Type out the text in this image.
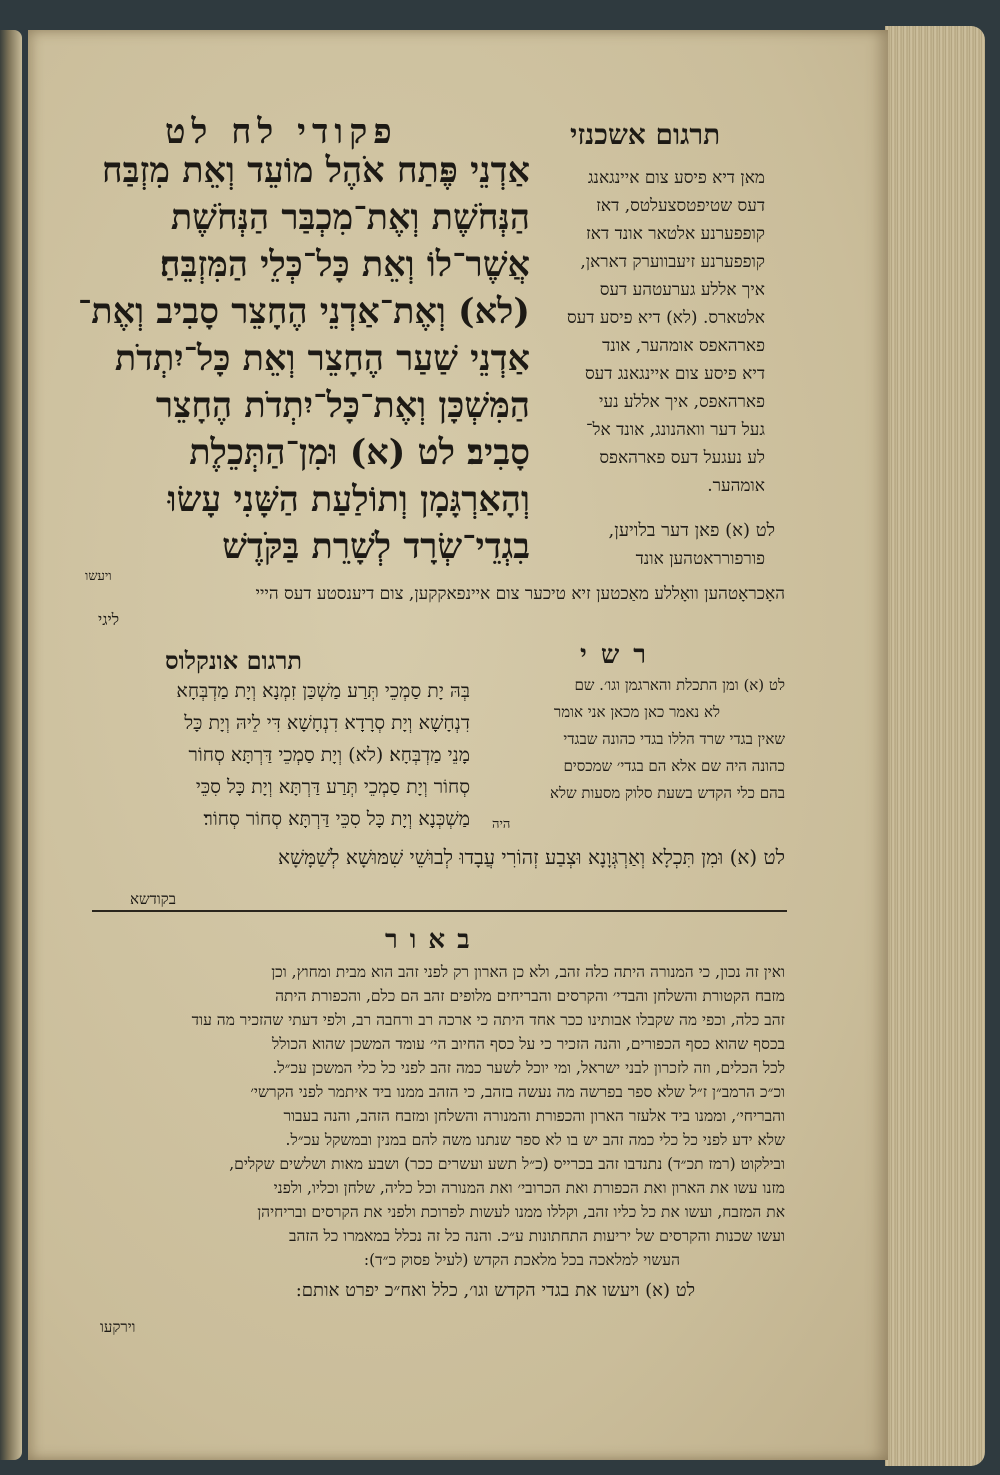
פקודי לח לט	תרגום אשכנזי
אַדְנֵי פֶּתַח אֹהֶל מוֹעֵד וְאֵת מִזְבַּח
הַנְּחֹשֶׁת וְאֶת־מִכְבַּר הַנְּחֹשֶׁת
אֲשֶׁר־לוֹ וְאֵת כָּל־כְּלֵי הַמִּזְבֵּחַ׃
(לא) וְאֶת־אַדְנֵי הֶחָצֵר סָבִיב וְאֶת־
אַדְנֵי שַׁעַר הֶחָצֵר וְאֵת כָּל־יִתְדֹת
הַמִּשְׁכָּן וְאֶת־כָּל־יִתְדֹת הֶחָצֵר
סָבִיב׃ לט (א) וּמִן־הַתְּכֵלֶת
וְהָאַרְגָּמָן וְתוֹלַעַת הַשָּׁנִי עָשׂוּ
בִגְדֵי־שְׂרָד לְשָׁרֵת בַּקֹּדֶשׁ
ויעשו
מאן דיא פיסע צום איינגאנג
דעס שטיפטסצעלטס, דאז
קופפערנע אלטאר אונד דאז
קופפערנע זיעבווערק דאראן,
איך אללע גערעטהע דעס
אלטארס. (לא) דיא פיסע דעס
פארהאפס אומהער, אונד
דיא פיסע צום איינגאנג דעס
פארהאפס, איך אללע נעי
געל דער וואהנונג, אונד אל־
לע נעגעל דעס פארהאפס
אומהער.
לט (א) פאן דער בלויען,
פורפורראטהען אונד
האָכראָטהען וואָללע מאַכטען זיא טיכער צום איינפאקקען, צום דיענסטע דעס הייי
ליגי
רשי
לט (א) ומן התכלת והארגמן וגו׳. שם
לא נאמר כאן מכאן אני אומר
שאין בגדי שרד הללו בגדי כהונה שבגדי
כהונה היה שם אלא הם בגדי׳ שמכסים
בהם כלי הקדש בשעת סלוק מסעות שלא
היה
תרגום אונקלוס
בְּהּ יָת סַמְכֵי תְּרַע מַשְׁכַּן זִמְנָא וְיָת מַדְבְּחָא
דִנְחָשָׁא וְיָת סְרָדָא דִנְחָשָׁא דִּי לֵיהּ וְיָת כָּל
מָנֵי מַדְבְּחָא׃ (לא) וְיָת סַמְכֵי דַּרְתָּא סְחוֹר
סְחוֹר וְיָת סַמְכֵי תְּרַע דַּרְתָּא וְיָת כָּל סִכֵּי
מַשְׁכְּנָא וְיָת כָּל סִכֵּי דַּרְתָּא סְחוֹר סְחוֹר׃
לט (א) וּמִן תִּכְלָא וְאַרְגְּוָנָא וּצְבַע זְהוֹרִי עֲבָדוּ לְבוּשֵׁי שִׁמּוּשָׁא לְשַׁמָּשָׁא
בקודשא
באור
ואין זה נכון, כי המנורה היתה כלה זהב, ולא כן הארון רק לפני זהב הוא מבית ומחוץ, וכן
מזבח הקטורת והשלחן והבדי׳ והקרסים והבריחים מלופים זהב הם כלם, והכפורת היתה
זהב כלה, וכפי מה שקבלו אבותינו ככר אחד היתה כי ארכה רב ורחבה רב, ולפי דעתי שהזכיר מה עוד
בכסף שהוא כסף הכפורים, והנה הזכיר כי על כסף החיוב הי׳ עומד המשכן שהוא הכולל
לכל הכלים, וזה לזכרון לבני ישראל, ומי יוכל לשער כמה זהב לפני כל כלי המשכן עכ״ל.
וכ״כ הרמב״ן ז״ל שלא ספר בפרשה מה נעשה בזהב, כי הזהב ממנו ביד איתמר לפני הקרשי׳
והבריחי׳, וממנו ביד אלעזר הארון והכפורת והמנורה והשלחן ומזבח הזהב, והנה בעבור
שלא ידע לפני כל כלי כמה זהב יש בו לא ספר שנתנו משה להם במנין ובמשקל עכ״ל.
ובילקוט (רמז תכ״ד) נתנדבו זהב בכרייס (כ״ל תשע ועשרים ככר) ושבע מאות ושלשים שקלים,
מזנו עשו את הארון ואת הכפורת ואת הכרובי׳ ואת המנורה וכל כליה, שלחן וכליו, ולפני
את המזבח, ועשו את כל כליו זהב, וקללו ממנו לעשות לפרוכת ולפני את הקרסים ובריחיהן
ועשו שכנות והקרסים של יריעות התחתונות ע״כ. והנה כל זה נכלל במאמרו כל הזהב
העשוי למלאכה בכל מלאכת הקדש (לעיל פסוק כ״ד):
לט (א) ויעשו את בגדי הקדש וגו׳, כלל ואח״כ יפרט אותם:
וירקעו
